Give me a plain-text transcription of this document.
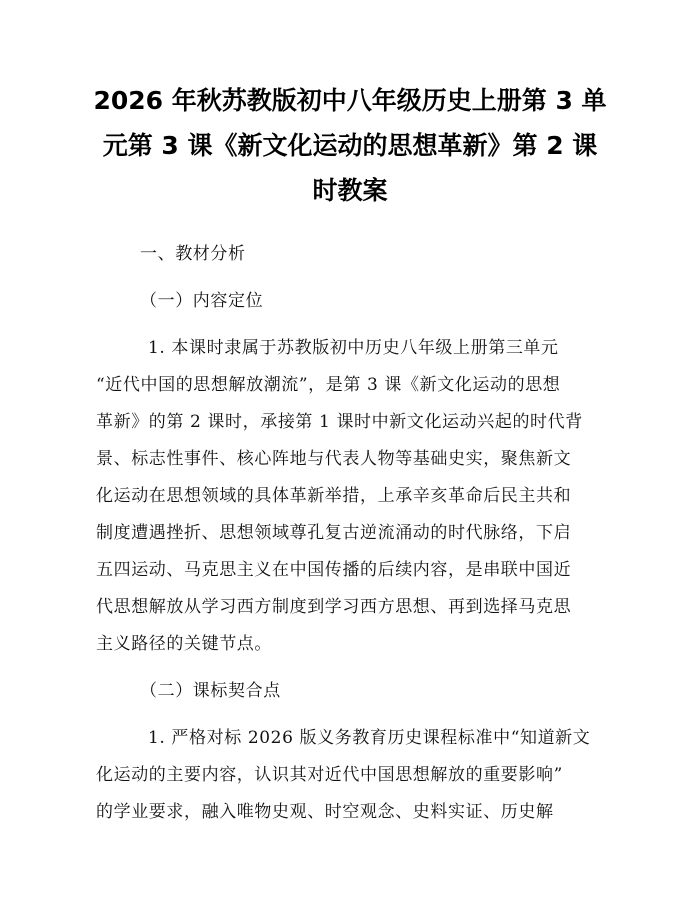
2026 年秋苏教版初中八年级历史上册第 3 单
元第 3 课《新文化运动的思想革新》第 2 课
时教案
一、教材分析
（一）内容定位
1. 本课时隶属于苏教版初中历史八年级上册第三单元
“近代中国的思想解放潮流”，是第 3 课《新文化运动的思想
革新》的第 2 课时，承接第 1 课时中新文化运动兴起的时代背
景、标志性事件、核心阵地与代表人物等基础史实，聚焦新文
化运动在思想领域的具体革新举措，上承辛亥革命后民主共和
制度遭遇挫折、思想领域尊孔复古逆流涌动的时代脉络，下启
五四运动、马克思主义在中国传播的后续内容，是串联中国近
代思想解放从学习西方制度到学习西方思想、再到选择马克思
主义路径的关键节点。
（二）课标契合点
1. 严格对标 2026 版义务教育历史课程标准中“知道新文
化运动的主要内容，认识其对近代中国思想解放的重要影响”
的学业要求，融入唯物史观、时空观念、史料实证、历史解
